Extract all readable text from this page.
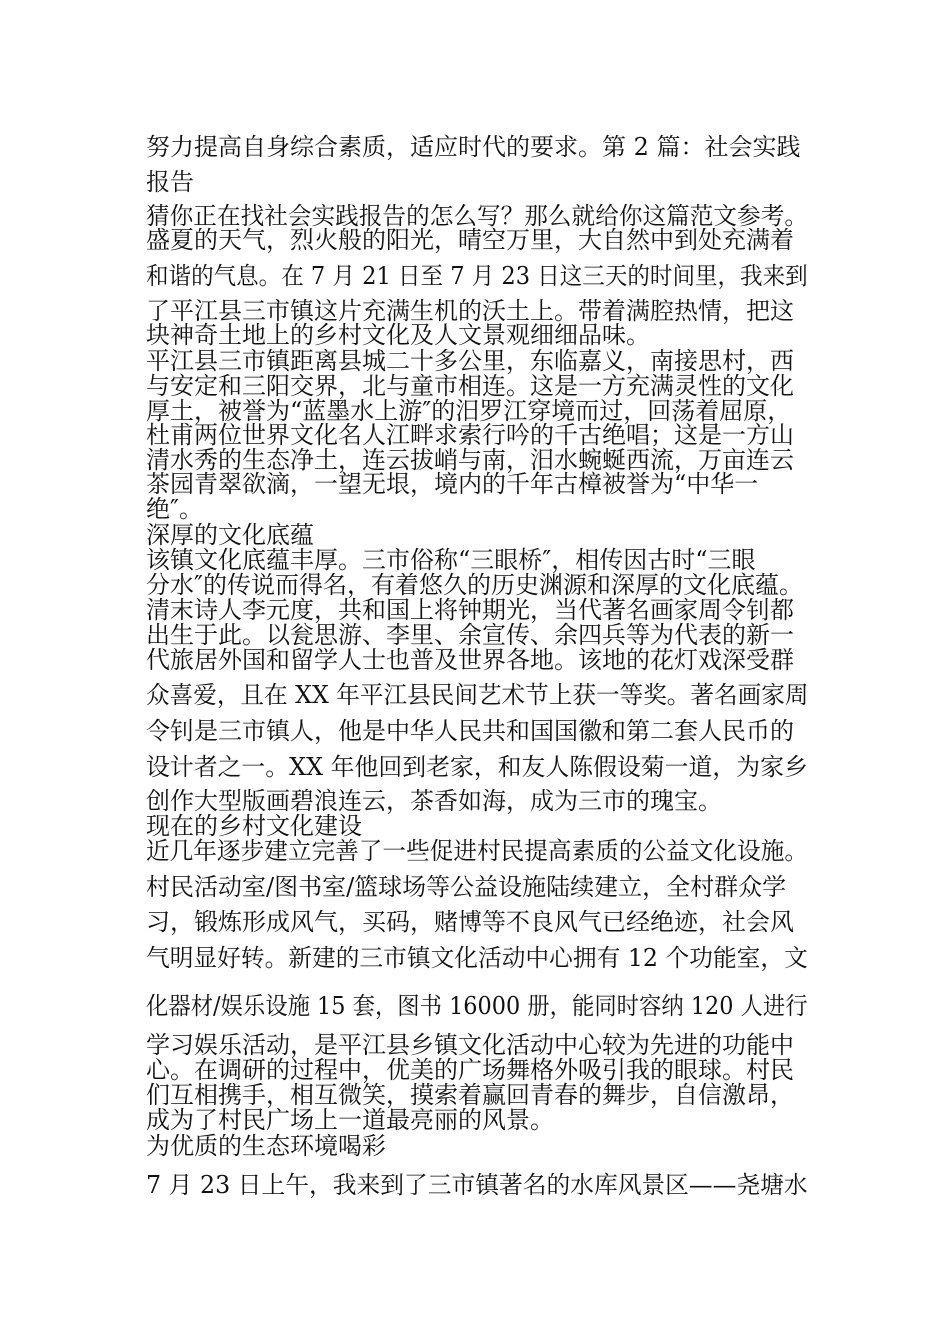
努力提高自身综合素质，适应时代的要求。第 2 篇：社会实践

报告

猜你正在找社会实践报告的怎么写？那么就给你这篇范文参考。

盛夏的天气，烈火般的阳光，晴空万里，大自然中到处充满着

和谐的气息。在 7 月 21 日至 7 月 23 日这三天的时间里，我来到

了平江县三市镇这片充满生机的沃土上。带着满腔热情，把这

块神奇土地上的乡村文化及人文景观细细品味。

平江县三市镇距离县城二十多公里，东临嘉义，南接思村，西

与安定和三阳交界，北与童市相连。这是一方充满灵性的文化

厚土，被誉为“蓝墨水上游″的汨罗江穿境而过，回荡着屈原，

杜甫两位世界文化名人江畔求索行吟的千古绝唱；这是一方山

清水秀的生态净土，连云拔峭与南，汨水蜿蜒西流，万亩连云

茶园青翠欲滴，一望无垠，境内的千年古樟被誉为“中华一

绝″。

深厚的文化底蕴

该镇文化底蕴丰厚。三市俗称“三眼桥″，相传因古时“三眼

分水″的传说而得名，有着悠久的历史渊源和深厚的文化底蕴。

清末诗人李元度，共和国上将钟期光，当代著名画家周令钊都

出生于此。以瓮思游、李里、余宣传、余四兵等为代表的新一

代旅居外国和留学人士也普及世界各地。该地的花灯戏深受群

众喜爱，且在 XX 年平江县民间艺术节上获一等奖。著名画家周

令钊是三市镇人，他是中华人民共和国国徽和第二套人民币的

设计者之一。XX 年他回到老家，和友人陈假设菊一道，为家乡

创作大型版画碧浪连云，茶香如海，成为三市的瑰宝。

现在的乡村文化建设

近几年逐步建立完善了一些促进村民提高素质的公益文化设施。

村民活动室/图书室/篮球场等公益设施陆续建立，全村群众学

习，锻炼形成风气，买码，赌博等不良风气已经绝迹，社会风

气明显好转。新建的三市镇文化活动中心拥有 12 个功能室，文

化器材/娱乐设施 15 套，图书 16000 册，能同时容纳 120 人进行

学习娱乐活动，是平江县乡镇文化活动中心较为先进的功能中

心。在调研的过程中，优美的广场舞格外吸引我的眼球。村民

们互相携手，相互微笑，摸索着赢回青春的舞步，自信激昂，

成为了村民广场上一道最亮丽的风景。

为优质的生态环境喝彩

7 月 23 日上午，我来到了三市镇著名的水库风景区——尧塘水
